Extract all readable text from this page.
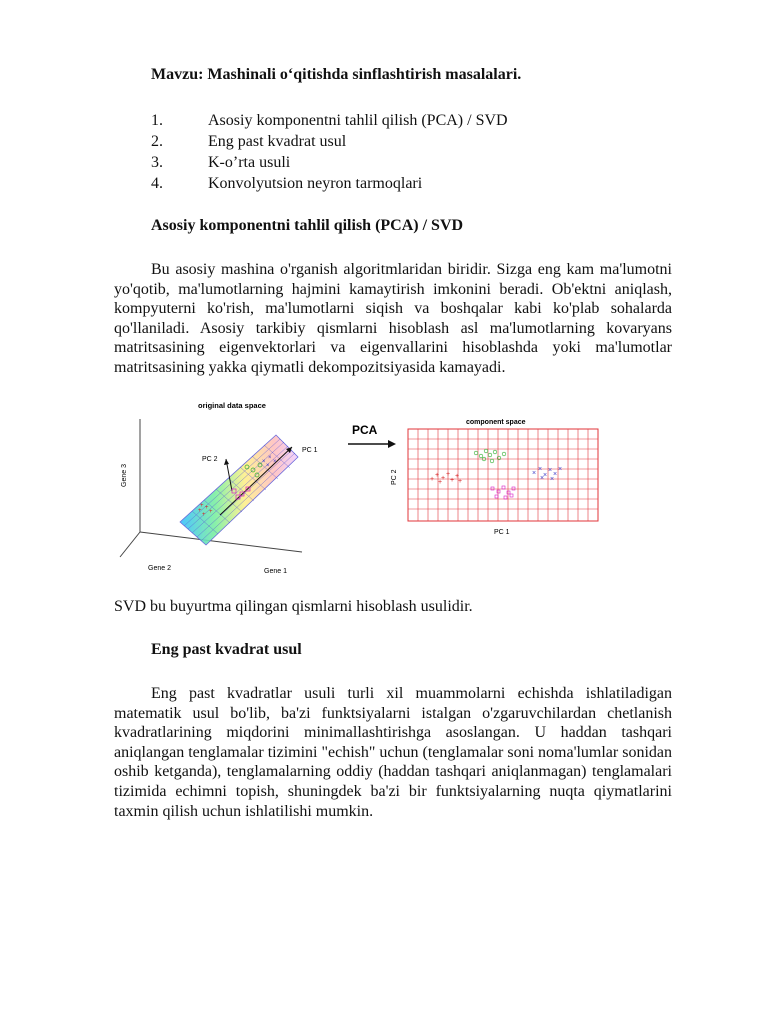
Mavzu: Mashinali o‘qitishda sinflashtirish masalalari.
1.	Asosiy komponentni tahlil qilish (PCA) / SVD
2.	Eng past kvadrat usul
3.	K-o’rta usuli
4.	Konvolyutsion neyron tarmoqlari
Asosiy komponentni tahlil qilish (PCA) / SVD
Bu asosiy mashina o'rganish algoritmlaridan biridir. Sizga eng kam ma'lumotni yo'qotib, ma'lumotlarning hajmini kamaytirish imkonini beradi. Ob'ektni aniqlash, kompyuterni ko'rish, ma'lumotlarni siqish va boshqalar kabi ko'plab sohalarda qo'llaniladi. Asosiy tarkibiy qismlarni hisoblash asl ma'lumotlarning kovaryans matritsasining eigenvektorlari va eigenvallarini hisoblashda yoki ma'lumotlar matritsasining yakka qiymatli dekompozitsiyasida kamayadi.
original data space
Gene 3
Gene 2	Gene 1
PC 1
PC 2
+ +
+ +
+
×
×
×
×
PCA
component space
PC 2
PC 1
+
+ +
+
+
+
+ +
×
×
×
×
×
×
× ×
SVD bu buyurtma qilingan qismlarni hisoblash usulidir.
Eng past kvadrat usul
Eng past kvadratlar usuli turli xil muammolarni echishda ishlatiladigan matematik usul bo'lib, ba'zi funktsiyalarni istalgan o'zgaruvchilardan chetlanish kvadratlarining miqdorini minimallashtirishga asoslangan. U haddan tashqari aniqlangan tenglamalar tizimini "echish" uchun (tenglamalar soni noma'lumlar sonidan oshib ketganda), tenglamalarning oddiy (haddan tashqari aniqlanmagan) tenglamalari tizimida echimni topish, shuningdek ba'zi bir funktsiyalarning nuqta qiymatlarini taxmin qilish uchun ishlatilishi mumkin.
